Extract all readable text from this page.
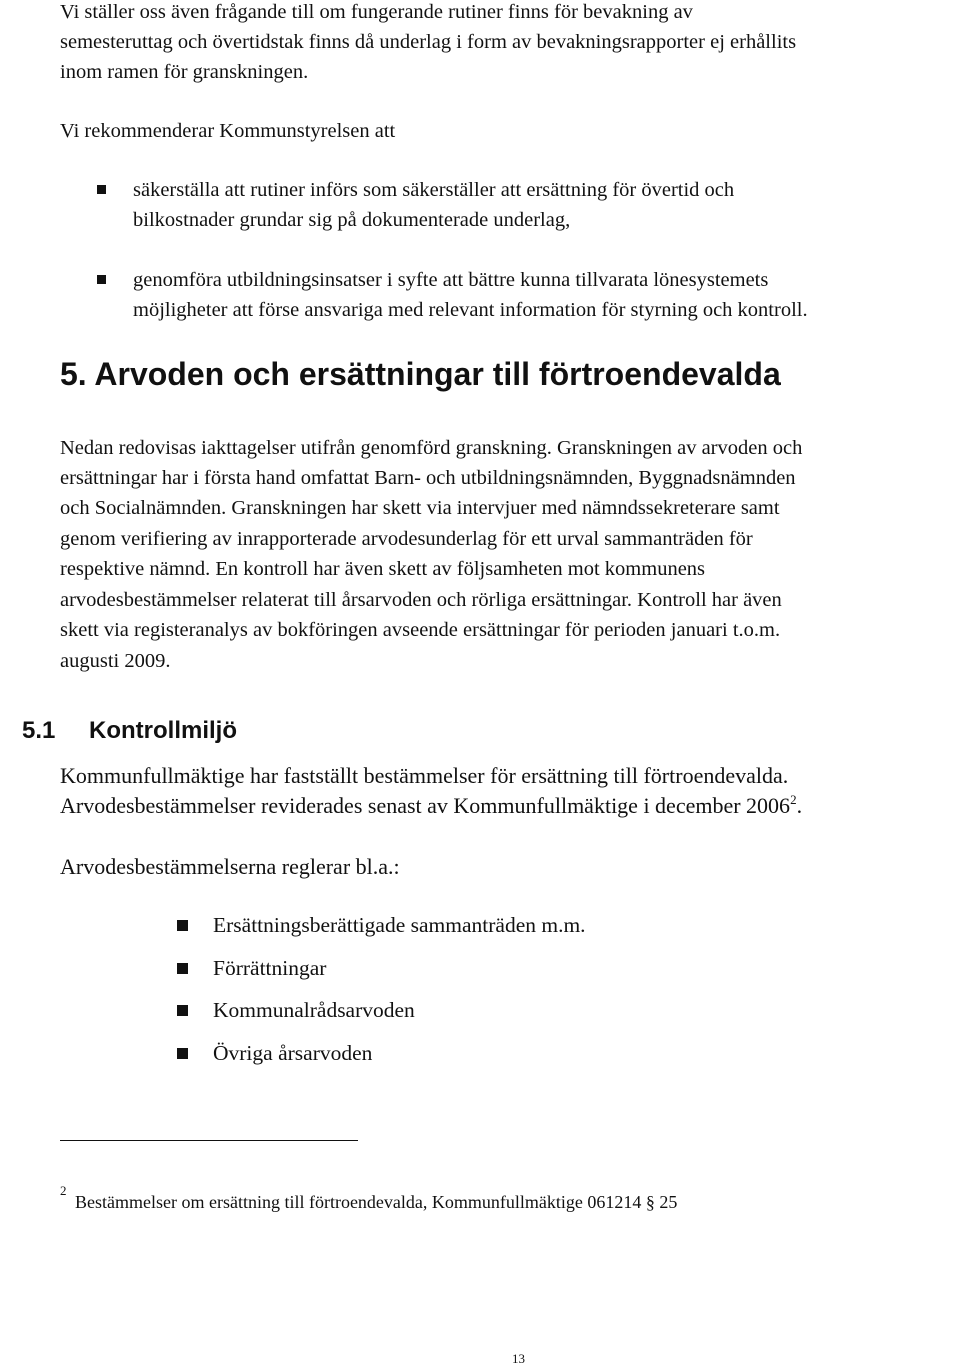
Vi ställer oss även frågande till om fungerande rutiner finns för bevakning av
semesteruttag och övertidstak finns då underlag i form av bevakningsrapporter ej erhållits
inom ramen för granskningen.
Vi rekommenderar Kommunstyrelsen att
säkerställa att rutiner införs som säkerställer att ersättning för övertid och
bilkostnader grundar sig på dokumenterade underlag,
genomföra utbildningsinsatser i syfte att bättre kunna tillvarata lönesystemets
möjligheter att förse ansvariga med relevant information för styrning och kontroll.
5. Arvoden och ersättningar till förtroendevalda
Nedan redovisas iakttagelser utifrån genomförd granskning. Granskningen av arvoden och
ersättningar har i första hand omfattat Barn- och utbildningsnämnden, Byggnadsnämnden
och Socialnämnden. Granskningen har skett via intervjuer med nämndssekreterare samt
genom verifiering av inrapporterade arvodesunderlag för ett urval sammanträden för
respektive nämnd. En kontroll har även skett av följsamheten mot kommunens
arvodesbestämmelser relaterat till årsarvoden och rörliga ersättningar. Kontroll har även
skett via registeranalys av bokföringen avseende ersättningar för perioden januari t.o.m.
augusti 2009.
5.1 Kontrollmiljö
Kommunfullmäktige har fastställt bestämmelser för ersättning till förtroendevalda.
Arvodesbestämmelser reviderades senast av Kommunfullmäktige i december 2006$^2$.
Arvodesbestämmelserna reglerar bl.a.:
Ersättningsberättigade sammanträden m.m.
Förrättningar
Kommunalrådsarvoden
Övriga årsarvoden
2
Bestämmelser om ersättning till förtroendevalda, Kommunfullmäktige 061214 § 25
13
